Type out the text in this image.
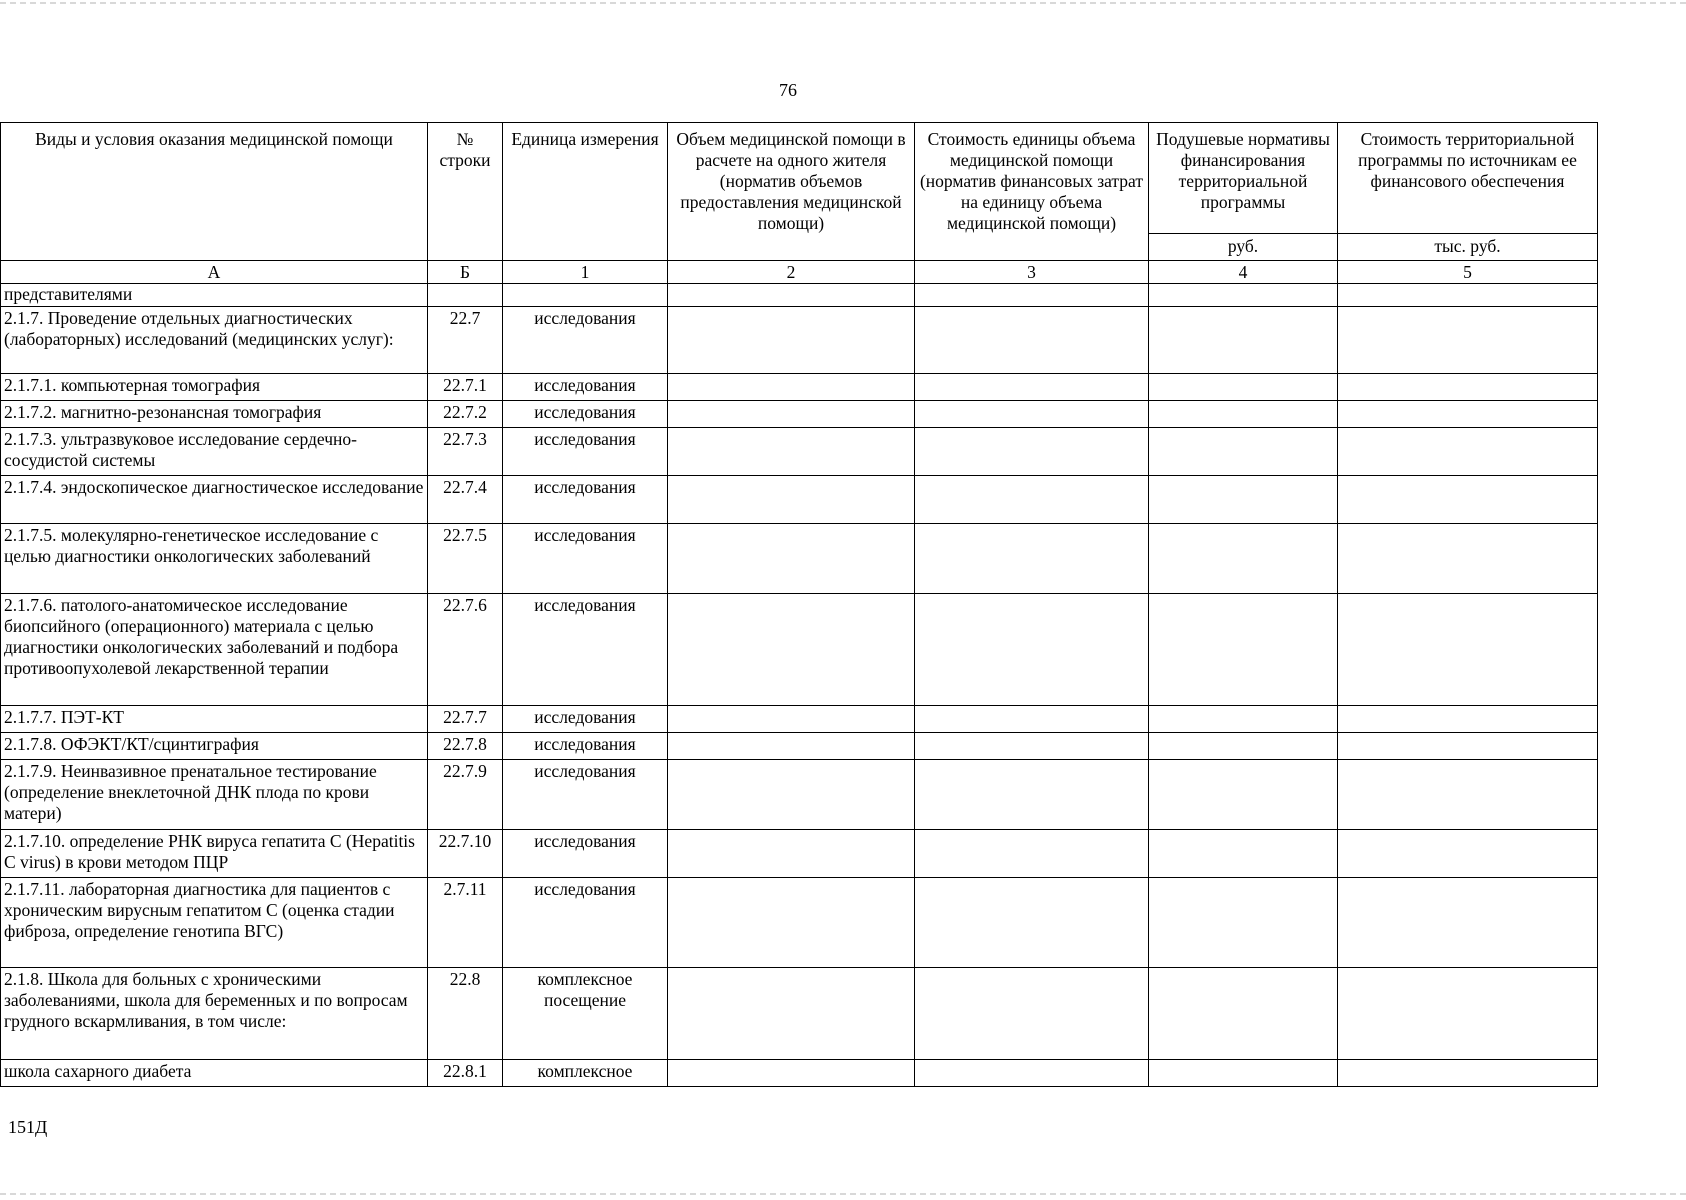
76
Виды и условия оказания медицинской помощи	№ строки	Единица измерения	Объем медицинской помощи в расчете на одного жителя (норматив объемов предоставления медицинской помощи)	Стоимость единицы объема медицинской помощи (норматив финансовых затрат на единицу объема медицинской помощи)	Подушевые нормативы финансирования территориальной программы	Стоимость территориальной программы по источникам ее финансового обеспечения
					руб.	тыс. руб.
А	Б	1	2	3	4	5
представителями						
2.1.7. Проведение отдельных диагностических (лабораторных) исследований (медицинских услуг):	22.7	исследования				
2.1.7.1. компьютерная томография	22.7.1	исследования				
2.1.7.2. магнитно-резонансная томография	22.7.2	исследования				
2.1.7.3. ультразвуковое исследование сердечно-сосудистой системы	22.7.3	исследования				
2.1.7.4. эндоскопическое диагностическое исследование	22.7.4	исследования				
2.1.7.5. молекулярно-генетическое исследование с целью диагностики онкологических заболеваний	22.7.5	исследования				
2.1.7.6. патолого-анатомическое исследование биопсийного (операционного) материала с целью диагностики онкологических заболеваний и подбора противоопухолевой лекарственной терапии	22.7.6	исследования				
2.1.7.7. ПЭТ-КТ	22.7.7	исследования				
2.1.7.8. ОФЭКТ/КТ/сцинтиграфия	22.7.8	исследования				
2.1.7.9. Неинвазивное пренатальное тестирование (определение внеклеточной ДНК плода по крови матери)	22.7.9	исследования				
2.1.7.10. определение РНК вируса гепатита С (Hepatitis C virus) в крови методом ПЦР	22.7.10	исследования				
2.1.7.11. лабораторная диагностика для пациентов с хроническим вирусным гепатитом С (оценка стадии фиброза, определение генотипа ВГС)	2.7.11	исследования				
2.1.8. Школа для больных с хроническими заболеваниями, школа для беременных и по вопросам грудного вскармливания, в том числе:	22.8	комплексное посещение				
школа сахарного диабета	22.8.1	комплексное				
151Д
